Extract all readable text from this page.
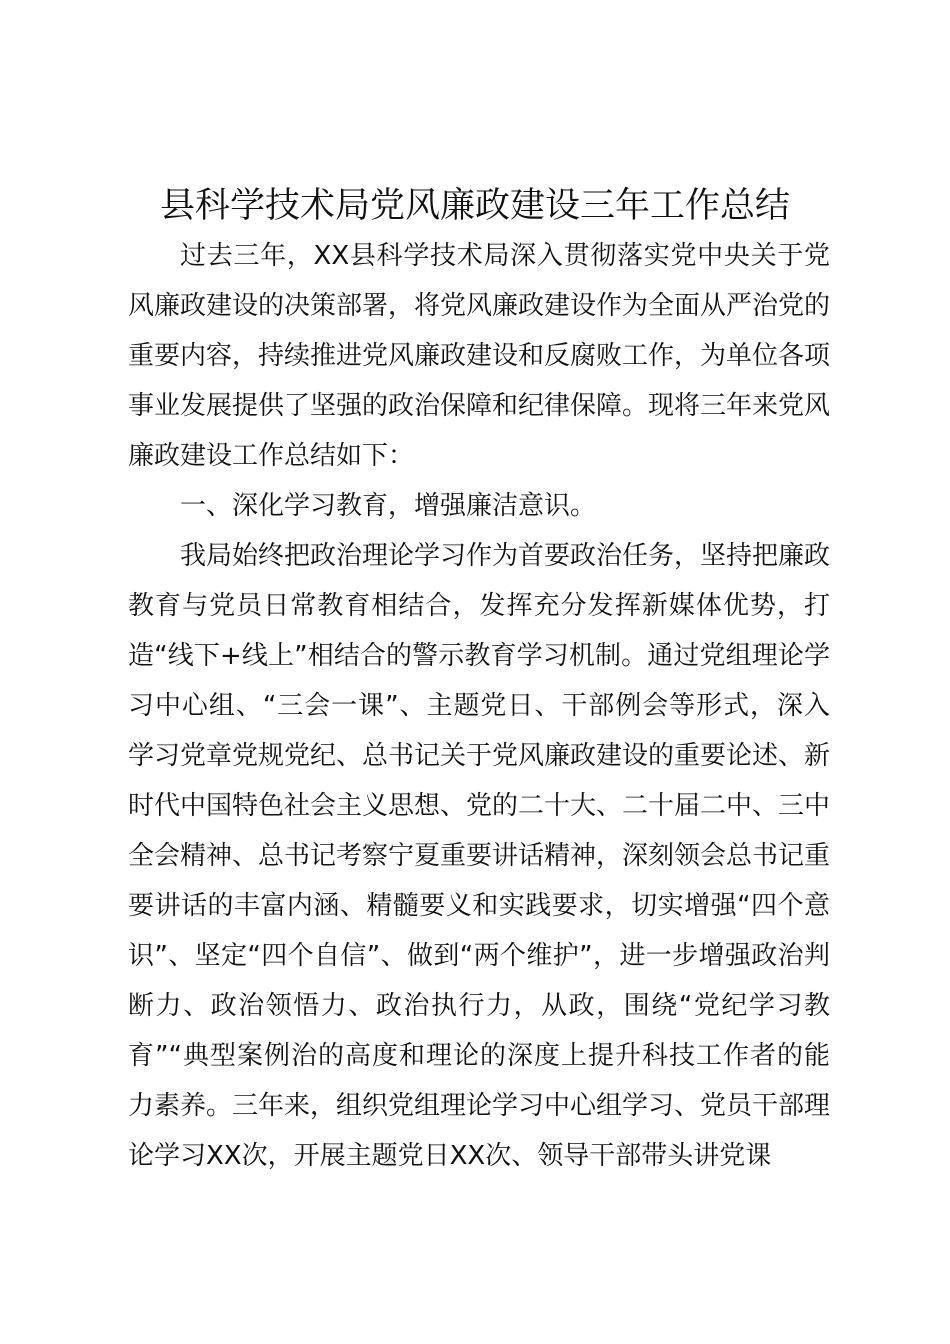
县科学技术局党风廉政建设三年工作总结

过去三年，XX县科学技术局深入贯彻落实党中央关于党风廉政建设的决策部署，将党风廉政建设作为全面从严治党的重要内容，持续推进党风廉政建设和反腐败工作，为单位各项事业发展提供了坚强的政治保障和纪律保障。现将三年来党风廉政建设工作总结如下：

一、深化学习教育，增强廉洁意识。

我局始终把政治理论学习作为首要政治任务，坚持把廉政教育与党员日常教育相结合，发挥充分发挥新媒体优势，打造“线下+线上”相结合的警示教育学习机制。通过党组理论学习中心组、“三会一课”、主题党日、干部例会等形式，深入学习党章党规党纪、总书记关于党风廉政建设的重要论述、新时代中国特色社会主义思想、党的二十大、二十届二中、三中全会精神、总书记考察宁夏重要讲话精神，深刻领会总书记重要讲话的丰富内涵、精髓要义和实践要求，切实增强“四个意识”、坚定“四个自信”、做到“两个维护”，进一步增强政治判断力、政治领悟力、政治执行力，从政，围绕“党纪学习教育”“典型案例治的高度和理论的深度上提升科技工作者的能力素养。三年来，组织党组理论学习中心组学习、党员干部理论学习XX次，开展主题党日XX次、领导干部带头讲党课
